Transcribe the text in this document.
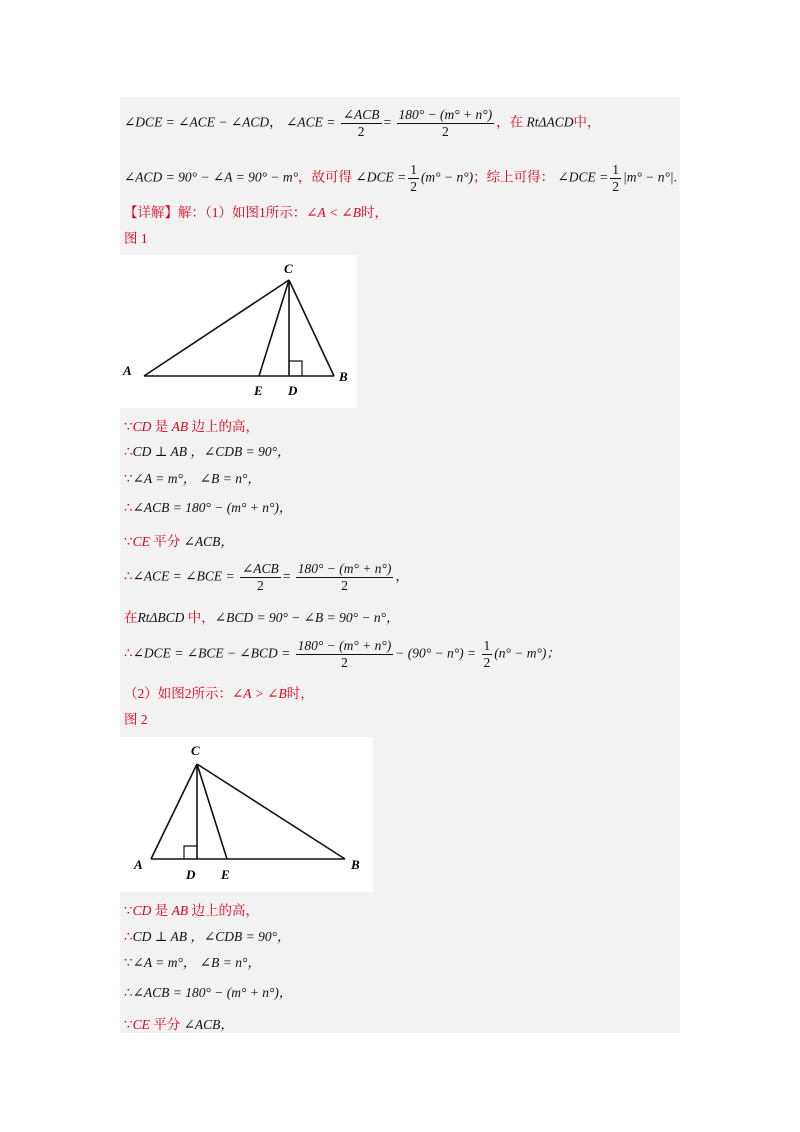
∠DCE = ∠ACE − ∠ACD， ∠ACE = $\frac{\text{∠ACB}}{2} = \frac{180^\circ - (m^\circ + n^\circ)}{2}$ ，在 RtΔACD中，
∠ACD = 90° − ∠A = 90° − m°，故可得 ∠DCE = $\frac{1}{2} (m^\circ - n^\circ)$；综上可得： ∠DCE = $\frac{1}{2} |m^\circ - n^\circ|$.
【详解】解：（1）如图1所示：∠A < ∠B时，
图 1
C
A	B
E D
∵CD 是 AB 边上的高，
∴CD ⊥ AB ，∠CDB = 90°，
∵∠A = m°， ∠B = n°，
∴∠ACB = 180° − (m° + n°)，
∵CE 平分 ∠ACB，
∴∠ACE = ∠BCE = $\frac{\text{∠ACB}}{2} = \frac{180^\circ - (m^\circ + n^\circ)}{2}$ ，
在RtΔBCD 中，∠BCD = 90° − ∠B = 90° − n°，
∴∠DCE = ∠BCE − ∠BCD = $\frac{180^\circ - (m^\circ + n^\circ)}{2} - (90^\circ - n^\circ) = \frac{1}{2} (n^\circ - m^\circ)$；
（2）如图2所示：∠A > ∠B时，
图 2
C
A	B
D E
∵CD 是 AB 边上的高，
∴CD ⊥ AB ，∠CDB = 90°，
∵∠A = m°， ∠B = n°，
∴∠ACB = 180° − (m° + n°)，
∵CE 平分 ∠ACB，
